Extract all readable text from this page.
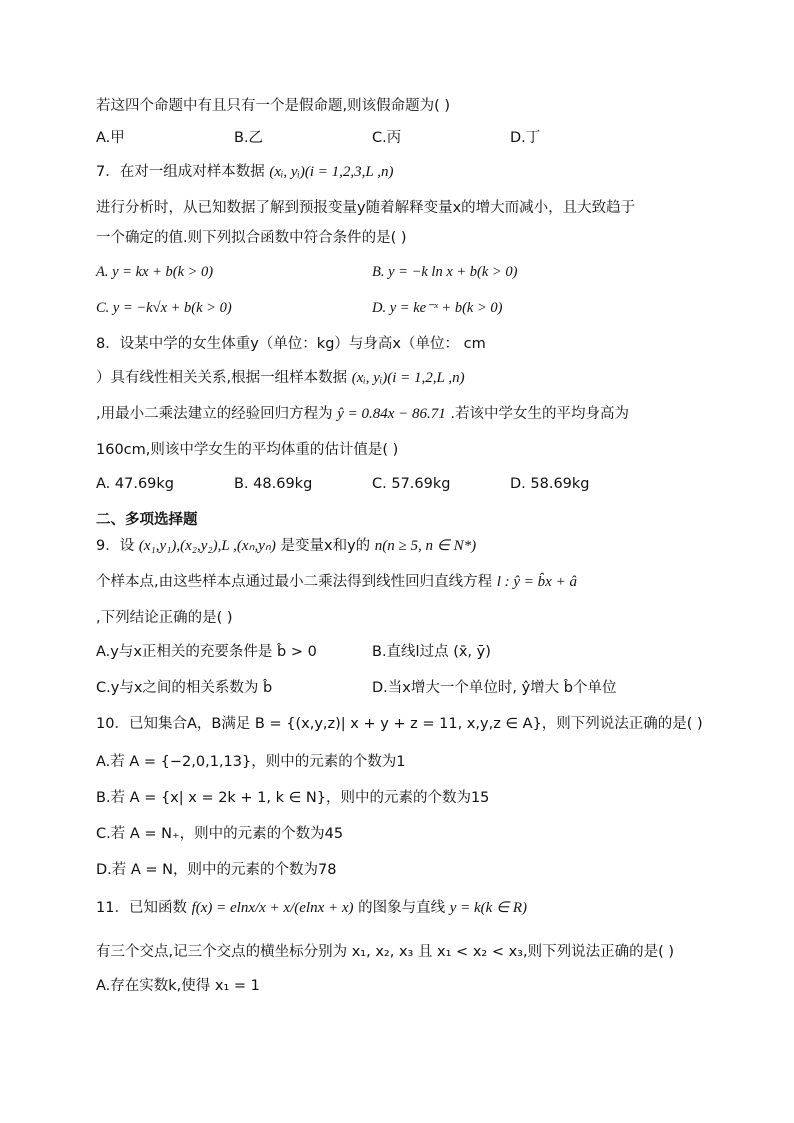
若这四个命题中有且只有一个是假命题,则该假命题为( )
A.甲	B.乙	C.丙	D.丁
7．在对一组成对样本数据 (xᵢ, yᵢ)(i = 1,2,3,L ,n)
进行分析时，从已知数据了解到预报变量y随着解释变量x的增大而减小，且大致趋于
一个确定的值.则下列拟合函数中符合条件的是( )
A. y = kx + b(k > 0)	B. y = −k ln x + b(k > 0)
C. y = −k√x + b(k > 0)	D. y = ke⁻ˣ + b(k > 0)
8．设某中学的女生体重y（单位：kg）与身高x（单位： cm
）具有线性相关关系,根据一组样本数据 (xᵢ, yᵢ)(i = 1,2,L ,n)
,用最小二乘法建立的经验回归方程为 ŷ = 0.84x − 86.71 .若该中学女生的平均身高为
160cm,则该中学女生的平均体重的估计值是( )
A. 47.69kg	B. 48.69kg	C. 57.69kg	D. 58.69kg
二、多项选择题
9．设 (x₁,y₁),(x₂,y₂),L ,(xₙ,yₙ) 是变量x和y的 n(n ≥ 5, n ∈ N*)
个样本点,由这些样本点通过最小二乘法得到线性回归直线方程 l : ŷ = b̂x + â
,下列结论正确的是( )
A.y与x正相关的充要条件是 b̂ > 0	B.直线l过点 (x̄, ȳ)
C.y与x之间的相关系数为 b̂	D.当x增大一个单位时, ŷ增大 b̂个单位
10．已知集合A，B满足 B = {(x,y,z)| x + y + z = 11, x,y,z ∈ A}，则下列说法正确的是( )
A.若 A = {−2,0,1,13}，则中的元素的个数为1
B.若 A = {x| x = 2k + 1, k ∈ N}，则中的元素的个数为15
C.若 A = N₊，则中的元素的个数为45
D.若 A = N，则中的元素的个数为78
11．已知函数 f(x) = elnx/x + x/(elnx + x) 的图象与直线 y = k(k ∈ R)
有三个交点,记三个交点的横坐标分别为 x₁, x₂, x₃ 且 x₁ < x₂ < x₃,则下列说法正确的是( )
A.存在实数k,使得 x₁ = 1
